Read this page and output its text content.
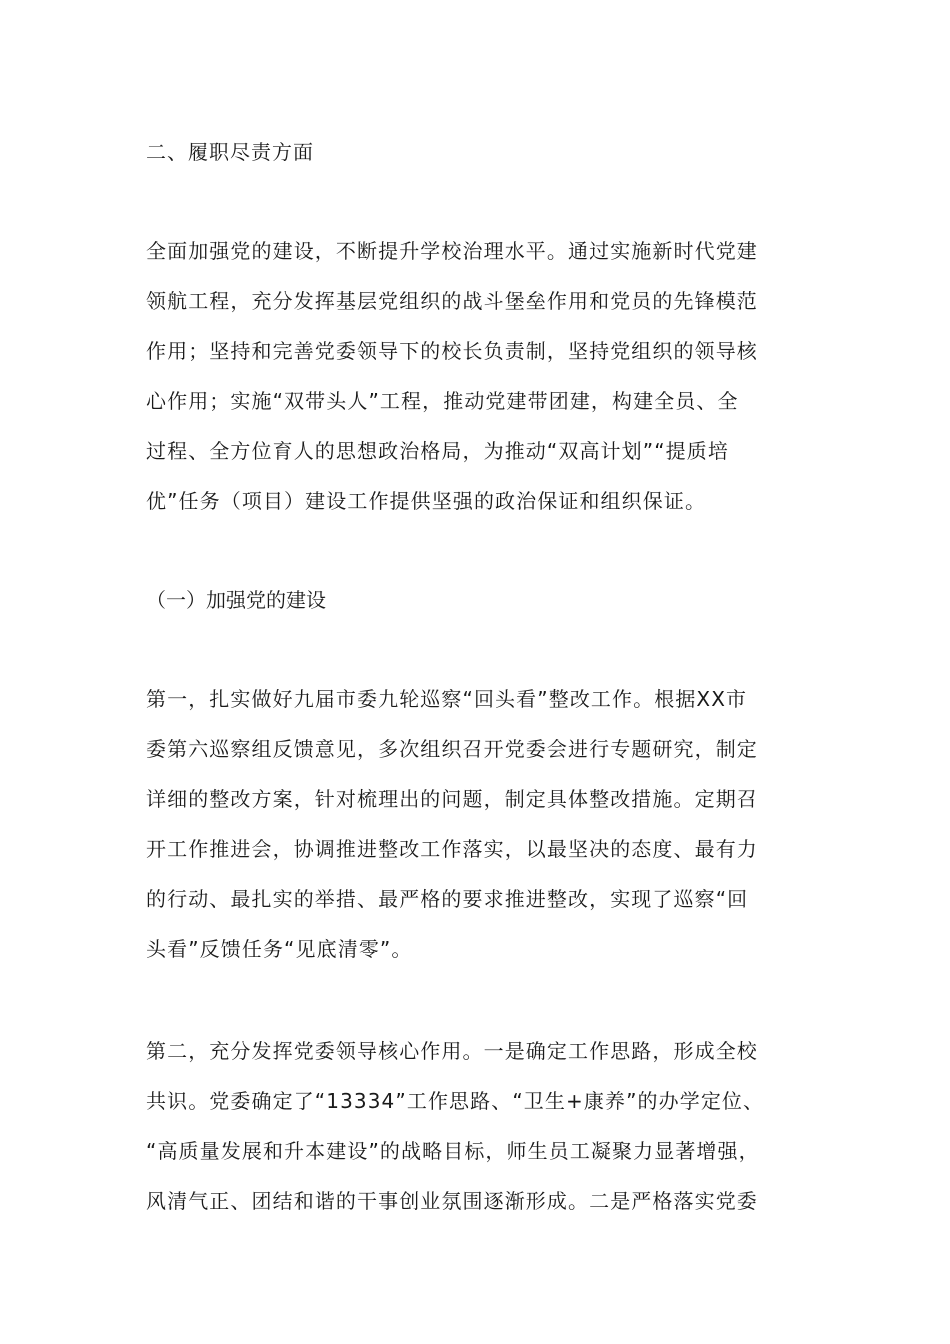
二、履职尽责方面

全面加强党的建设，不断提升学校治理水平。通过实施新时代党建
领航工程，充分发挥基层党组织的战斗堡垒作用和党员的先锋模范
作用；坚持和完善党委领导下的校长负责制，坚持党组织的领导核
心作用；实施“双带头人”工程，推动党建带团建，构建全员、全
过程、全方位育人的思想政治格局，为推动“双高计划”“提质培
优”任务（项目）建设工作提供坚强的政治保证和组织保证。

（一）加强党的建设

第一，扎实做好九届市委九轮巡察“回头看”整改工作。根据XX市
委第六巡察组反馈意见，多次组织召开党委会进行专题研究，制定
详细的整改方案，针对梳理出的问题，制定具体整改措施。定期召
开工作推进会，协调推进整改工作落实，以最坚决的态度、最有力
的行动、最扎实的举措、最严格的要求推进整改，实现了巡察“回
头看”反馈任务“见底清零”。

第二，充分发挥党委领导核心作用。一是确定工作思路，形成全校
共识。党委确定了“13334”工作思路、“卫生+康养”的办学定位、
“高质量发展和升本建设”的战略目标，师生员工凝聚力显著增强，
风清气正、团结和谐的干事创业氛围逐渐形成。二是严格落实党委
